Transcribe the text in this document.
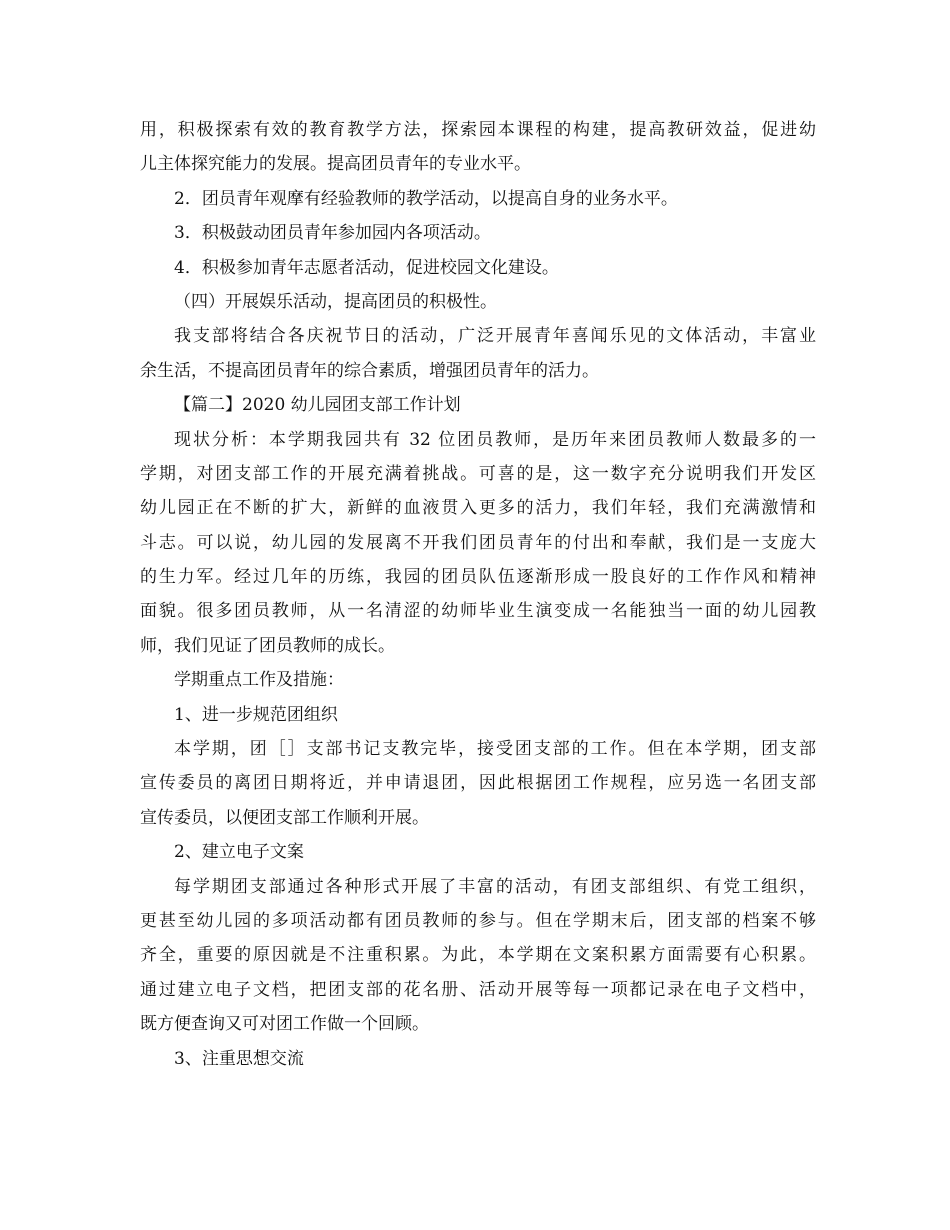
用，积极探索有效的教育教学方法，探索园本课程的构建，提高教研效益，促进幼
儿主体探究能力的发展。提高团员青年的专业水平。
2．团员青年观摩有经验教师的教学活动，以提高自身的业务水平。
3．积极鼓动团员青年参加园内各项活动。
4．积极参加青年志愿者活动，促进校园文化建设。
（四）开展娱乐活动，提高团员的积极性。
我支部将结合各庆祝节日的活动，广泛开展青年喜闻乐见的文体活动，丰富业
余生活，不提高团员青年的综合素质，增强团员青年的活力。
【篇二】2020 幼儿园团支部工作计划
现状分析：本学期我园共有 32 位团员教师，是历年来团员教师人数最多的一
学期，对团支部工作的开展充满着挑战。可喜的是，这一数字充分说明我们开发区
幼儿园正在不断的扩大，新鲜的血液贯入更多的活力，我们年轻，我们充满激情和
斗志。可以说，幼儿园的发展离不开我们团员青年的付出和奉献，我们是一支庞大
的生力军。经过几年的历练，我园的团员队伍逐渐形成一股良好的工作作风和精神
面貌。很多团员教师，从一名清涩的幼师毕业生演变成一名能独当一面的幼儿园教
师，我们见证了团员教师的成长。
学期重点工作及措施：
1、进一步规范团组织
本学期，团［］支部书记支教完毕，接受团支部的工作。但在本学期，团支部
宣传委员的离团日期将近，并申请退团，因此根据团工作规程，应另选一名团支部
宣传委员，以便团支部工作顺利开展。
2、建立电子文案
每学期团支部通过各种形式开展了丰富的活动，有团支部组织、有党工组织，
更甚至幼儿园的多项活动都有团员教师的参与。但在学期末后，团支部的档案不够
齐全，重要的原因就是不注重积累。为此，本学期在文案积累方面需要有心积累。
通过建立电子文档，把团支部的花名册、活动开展等每一项都记录在电子文档中，
既方便查询又可对团工作做一个回顾。
3、注重思想交流
